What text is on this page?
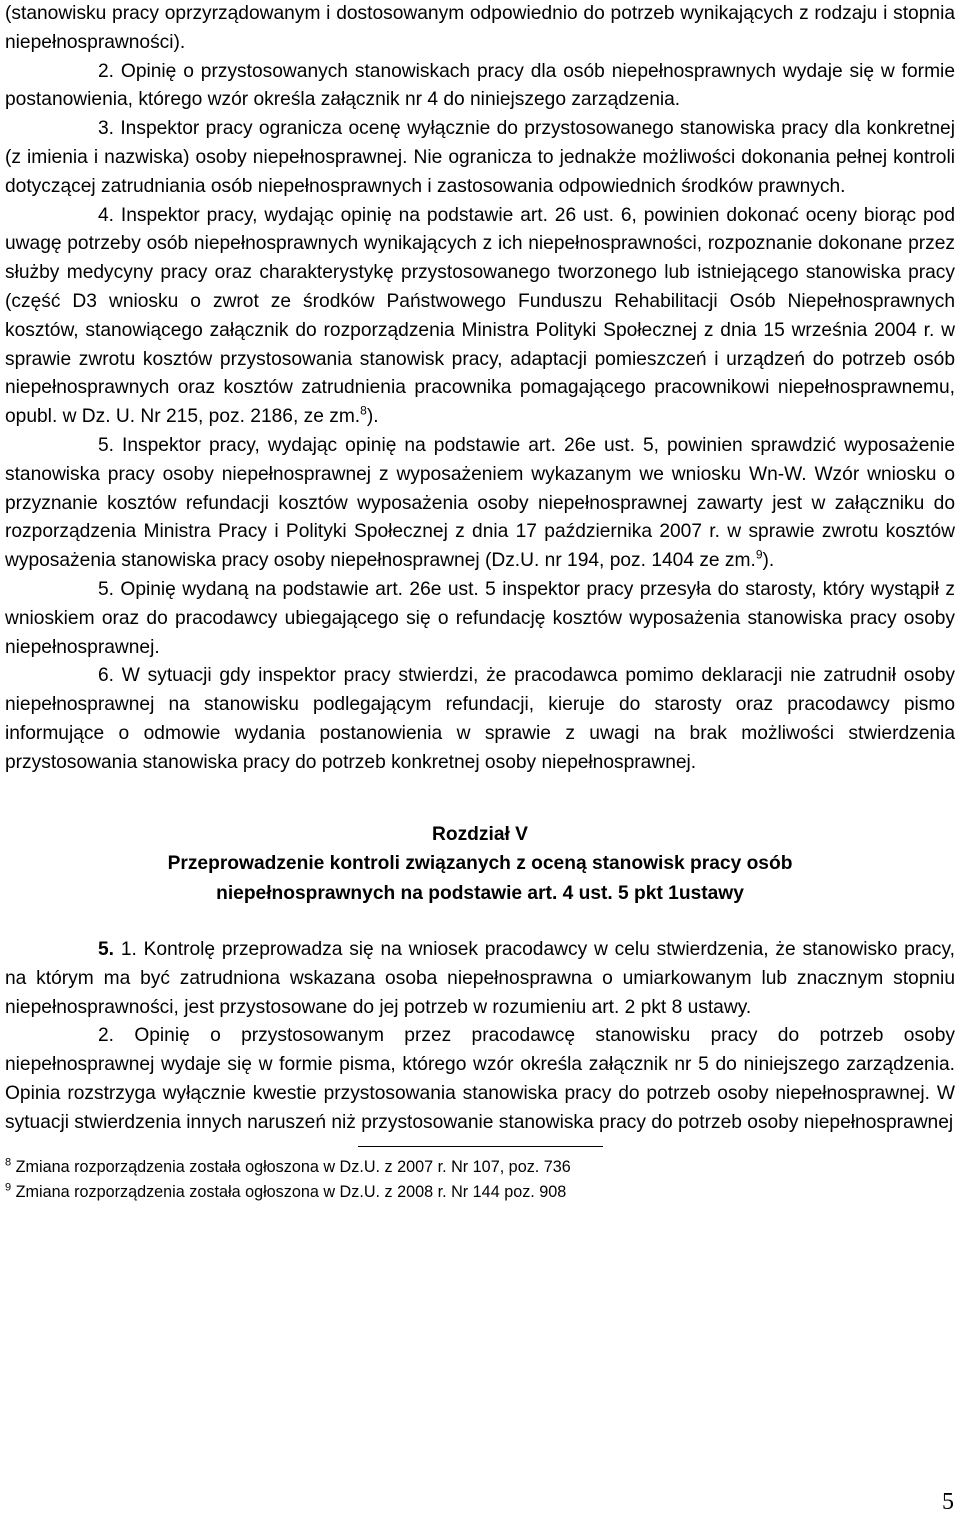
(stanowisku pracy oprzyrządowanym i dostosowanym odpowiednio do potrzeb wynikających z rodzaju i stopnia niepełnosprawności).

2. Opinię o przystosowanych stanowiskach pracy dla osób niepełnosprawnych wydaje się w formie postanowienia, którego wzór określa załącznik nr 4 do niniejszego zarządzenia.

3. Inspektor pracy ogranicza ocenę wyłącznie do przystosowanego stanowiska pracy dla konkretnej (z imienia i nazwiska) osoby niepełnosprawnej. Nie ogranicza to jednakże możliwości dokonania pełnej kontroli dotyczącej zatrudniania osób niepełnosprawnych i zastosowania odpowiednich środków prawnych.

4. Inspektor pracy, wydając opinię na podstawie art. 26 ust. 6, powinien dokonać oceny biorąc pod uwagę potrzeby osób niepełnosprawnych wynikających z ich niepełnosprawności, rozpoznanie dokonane przez służby medycyny pracy oraz charakterystykę przystosowanego tworzonego lub istniejącego stanowiska pracy (część D3 wniosku o zwrot ze środków Państwowego Funduszu Rehabilitacji Osób Niepełnosprawnych kosztów, stanowiącego załącznik do rozporządzenia Ministra Polityki Społecznej z dnia 15 września 2004 r. w sprawie zwrotu kosztów przystosowania stanowisk pracy, adaptacji pomieszczeń i urządzeń do potrzeb osób niepełnosprawnych oraz kosztów zatrudnienia pracownika pomagającego pracownikowi niepełnosprawnemu, opubl. w Dz. U. Nr 215, poz. 2186, ze zm.$^8$).

5. Inspektor pracy, wydając opinię na podstawie art. 26e ust. 5, powinien sprawdzić wyposażenie stanowiska pracy osoby niepełnosprawnej z wyposażeniem wykazanym we wniosku Wn-W. Wzór wniosku o przyznanie kosztów refundacji kosztów wyposażenia osoby niepełnosprawnej zawarty jest w załączniku do rozporządzenia Ministra Pracy i Polityki Społecznej z dnia 17 października 2007 r. w sprawie zwrotu kosztów wyposażenia stanowiska pracy osoby niepełnosprawnej (Dz.U. nr 194, poz. 1404 ze zm.$^9$).

5. Opinię wydaną na podstawie art. 26e ust. 5 inspektor pracy przesyła do starosty, który wystąpił z wnioskiem oraz do pracodawcy ubiegającego się o refundację kosztów wyposażenia stanowiska pracy osoby niepełnosprawnej.

6. W sytuacji gdy inspektor pracy stwierdzi, że pracodawca pomimo deklaracji nie zatrudnił osoby niepełnosprawnej na stanowisku podlegającym refundacji, kieruje do starosty oraz pracodawcy pismo informujące o odmowie wydania postanowienia w sprawie z uwagi na brak możliwości stwierdzenia przystosowania stanowiska pracy do potrzeb konkretnej osoby niepełnosprawnej.

Rozdział V
Przeprowadzenie kontroli związanych z oceną stanowisk pracy osób
niepełnosprawnych na podstawie art. 4 ust. 5 pkt 1ustawy

5. 1. Kontrolę przeprowadza się na wniosek pracodawcy w celu stwierdzenia, że stanowisko pracy, na którym ma być zatrudniona wskazana osoba niepełnosprawna o umiarkowanym lub znacznym stopniu niepełnosprawności, jest przystosowane do jej potrzeb w rozumieniu art. 2 pkt 8 ustawy.

2. Opinię o przystosowanym przez pracodawcę stanowisku pracy do potrzeb osoby niepełnosprawnej wydaje się w formie pisma, którego wzór określa załącznik nr 5 do niniejszego zarządzenia. Opinia rozstrzyga wyłącznie kwestie przystosowania stanowiska pracy do potrzeb osoby niepełnosprawnej. W sytuacji stwierdzenia innych naruszeń niż przystosowanie stanowiska pracy do potrzeb osoby niepełnosprawnej

$^8$ Zmiana rozporządzenia została ogłoszona w Dz.U. z 2007 r. Nr 107, poz. 736
$^9$ Zmiana rozporządzenia została ogłoszona w Dz.U. z 2008 r. Nr 144 poz. 908
5
